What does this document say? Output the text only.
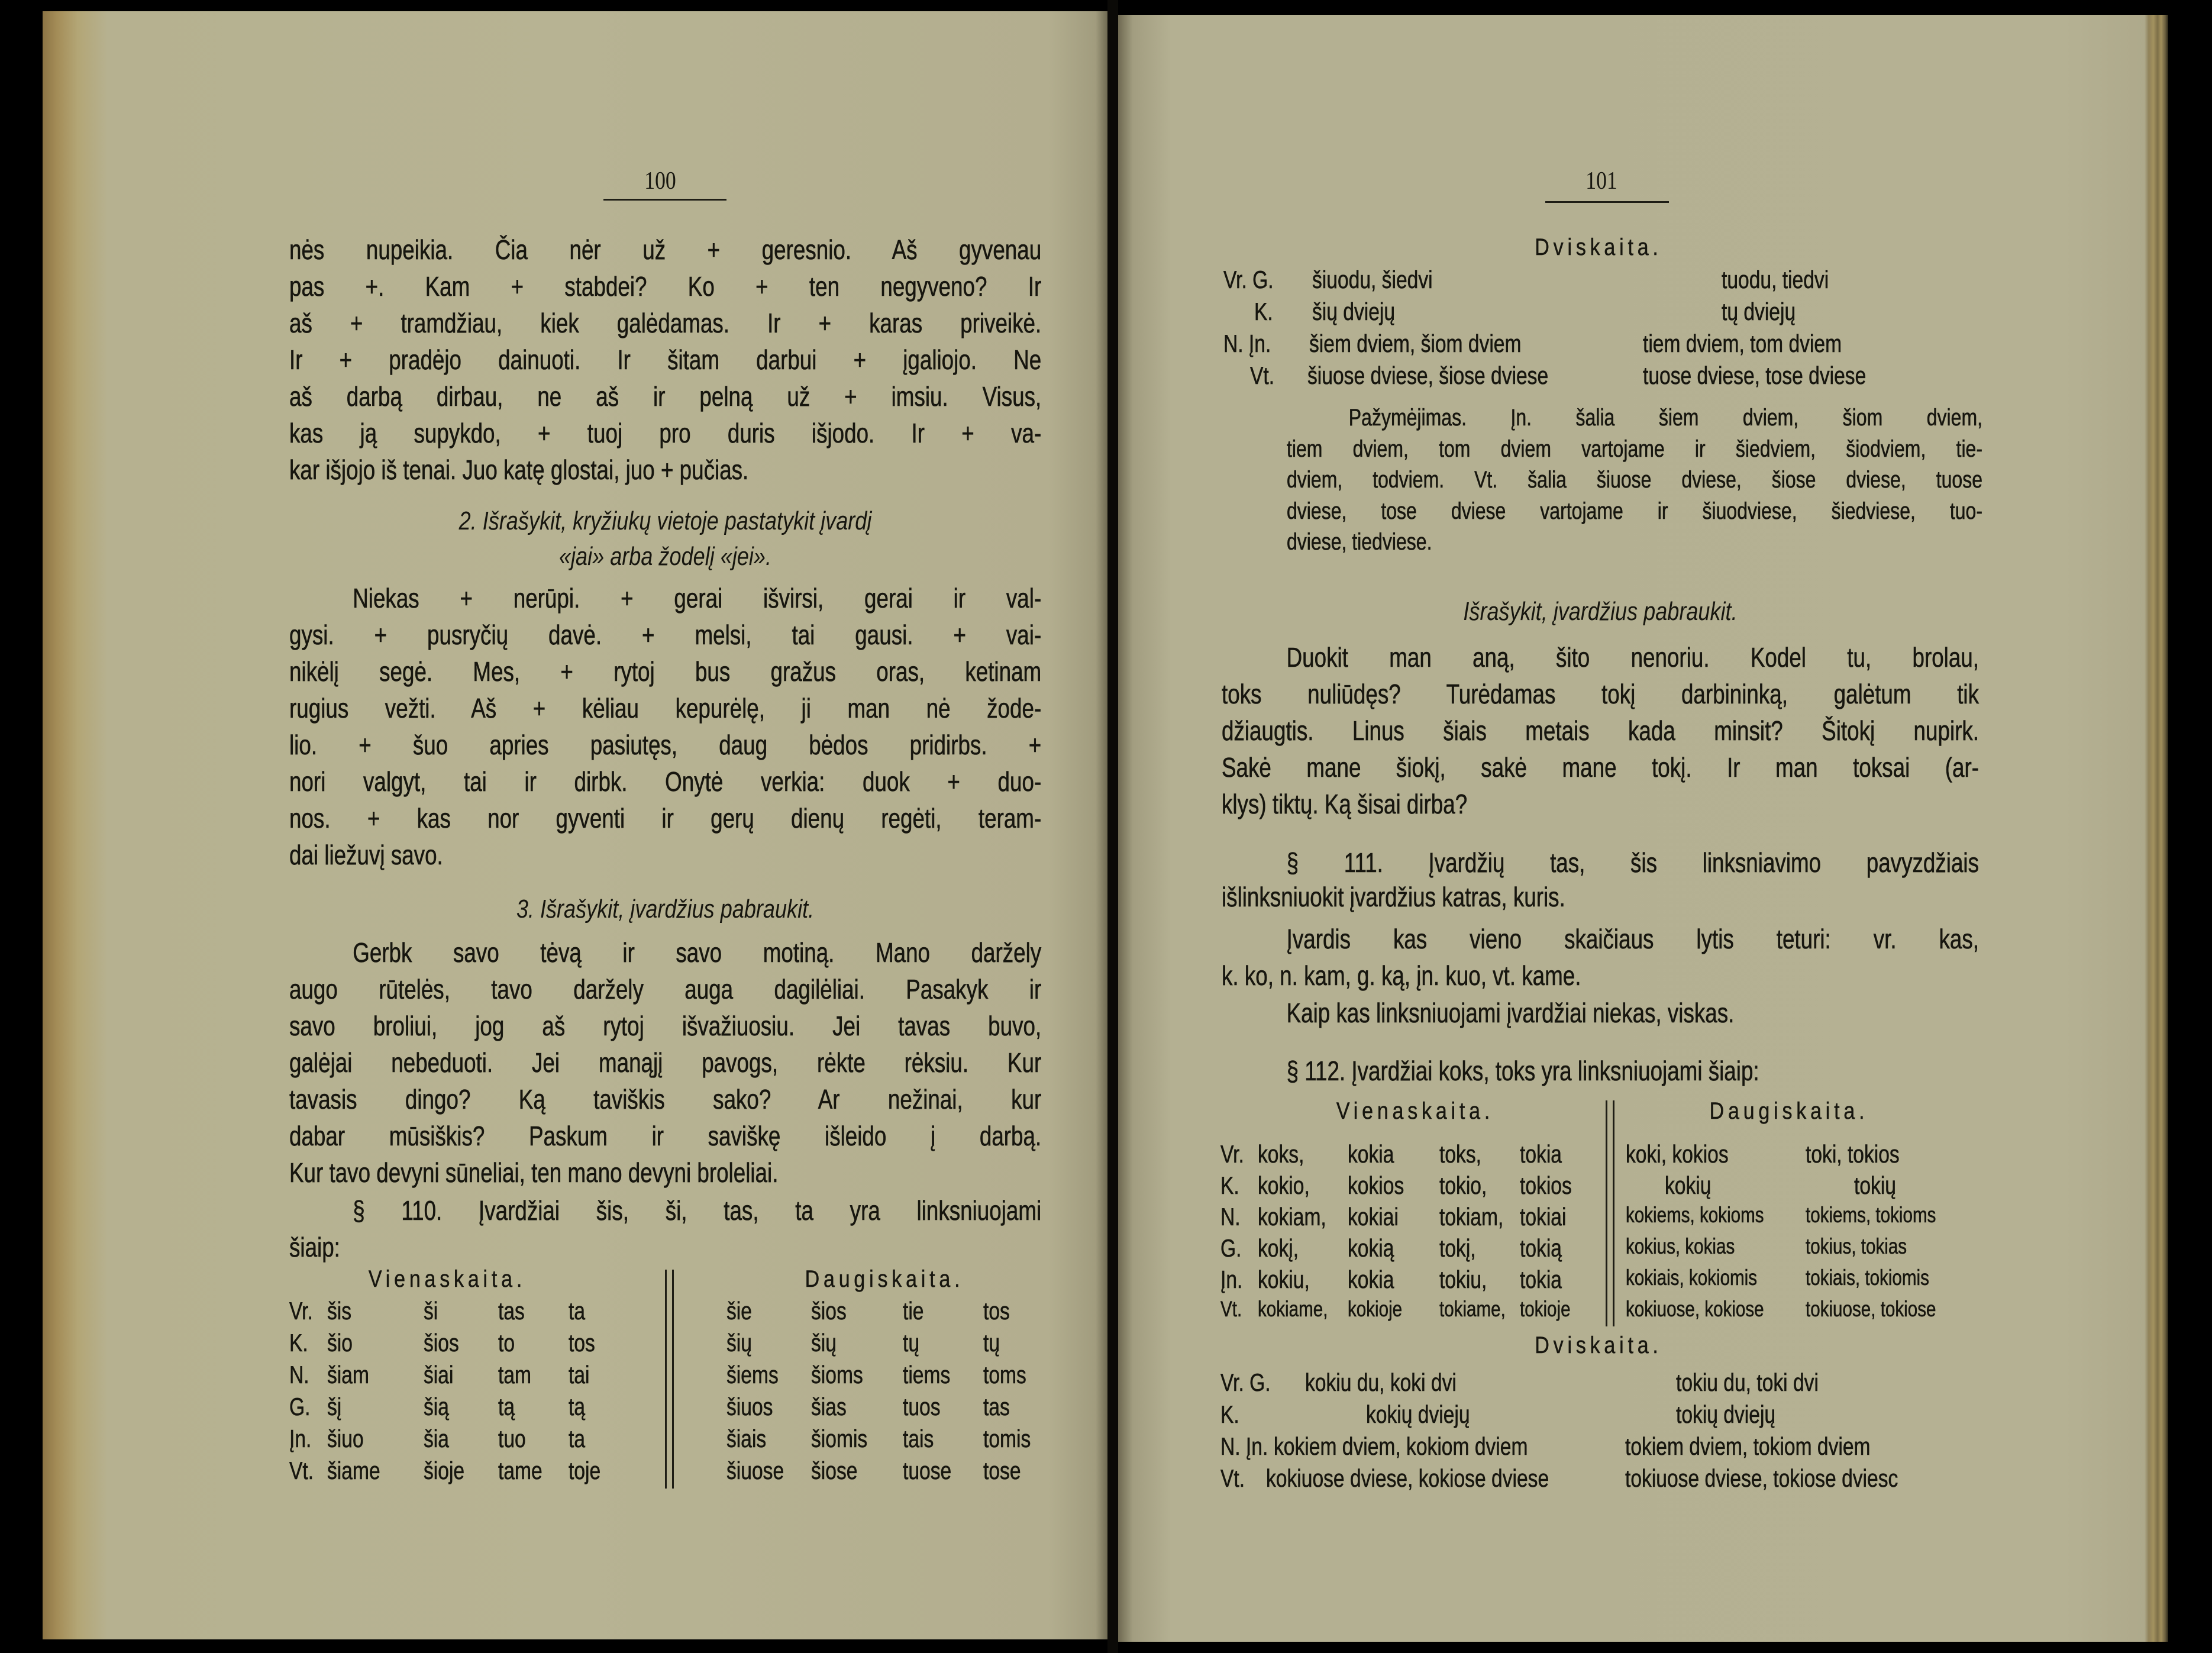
100
nės nupeikia. Čia nėr už + geresnio. Aš gyvenau
pas +. Kam + stabdei? Ko + ten negyveno? Ir
aš + tramdžiau, kiek galėdamas. Ir + karas priveikė.
Ir + pradėjo dainuoti. Ir šitam darbui + įgaliojo. Ne
aš darbą dirbau, ne aš ir pelną už + imsiu. Visus,
kas ją supykdo, + tuoj pro duris išjodo. Ir + va-
kar išjojo iš tenai. Juo katę glostai, juo + pučias.
2. Išrašykit, kryžiukų vietoje pastatykit įvardį
«jai» arba žodelį «jei».
Niekas + nerūpi. + gerai išvirsi, gerai ir val-
gysi. + pusryčių davė. + melsi, tai gausi. + vai-
nikėlį segė. Mes, + rytoj bus gražus oras, ketinam
rugius vežti. Aš + kėliau kepurėlę, ji man nė žode-
lio. + šuo apries pasiutęs, daug bėdos pridirbs. +
nori valgyt, tai ir dirbk. Onytė verkia: duok + duo-
nos. + kas nor gyventi ir gerų dienų regėti, teram-
dai liežuvį savo.
3. Išrašykit, įvardžius pabraukit.
Gerbk savo tėvą ir savo motiną. Mano daržely
augo rūtelės, tavo daržely auga dagilėliai. Pasakyk ir
savo broliui, jog aš rytoj išvažiuosiu. Jei tavas buvo,
galėjai nebeduoti. Jei manąjį pavogs, rėkte rėksiu. Kur
tavasis dingo? Ką taviškis sako? Ar nežinai, kur
dabar mūsiškis? Paskum ir saviškę išleido į darbą.
Kur tavo devyni sūneliai, ten mano devyni broleliai.
§ 110. Įvardžiai šis, ši, tas, ta yra linksniuojami
šiaip:
Vienaskaita.	Daugiskaita.
Vr. šis	ši tas ta	šie šios tie tos
K. šio	šios to tos	šių šių	tų	tų
N. šiam šiai tam tai	šiems šioms tiems toms
G. šį	šią tą tą	šiuos šias tuos tas
Įn. šiuo šia tuo ta	šiais šiomis tais tomis
Vt. šiame šioje tame toje	šiuose šiose tuose tose
101
Dviskaita.
Vr. G. šiuodu, šiedvi	tuodu, tiedvi
K. šių dviejų	tų dviejų
N. Įn. šiem dviem, šiom dviem	tiem dviem, tom dviem
Vt. šiuose dviese, šiose dviese	tuose dviese, tose dviese
Pažymėjimas. Įn. šalia šiem dviem, šiom dviem,
tiem dviem, tom dviem vartojame ir šiedviem, šiodviem, tie-
dviem, todviem. Vt. šalia šiuose dviese, šiose dviese, tuose
dviese, tose dviese vartojame ir šiuodviese, šiedviese, tuo-
dviese, tiedviese.
Išrašykit, įvardžius pabraukit.
Duokit man aną, šito nenoriu. Kodel tu, brolau,
toks nuliūdęs? Turėdamas tokį darbininką, galėtum tik
džiaugtis. Linus šiais metais kada minsit? Šitokį nupirk.
Sakė mane šiokį, sakė mane tokį. Ir man toksai (ar-
klys) tiktų. Ką šisai dirba?
§ 111. Įvardžių tas, šis linksniavimo pavyzdžiais
išlinksniuokit įvardžius katras, kuris.
Įvardis kas vieno skaičiaus lytis teturi: vr. kas,
k. ko, n. kam, g. ką, įn. kuo, vt. kame.
Kaip kas linksniuojami įvardžiai niekas, viskas.
§ 112. Įvardžiai koks, toks yra linksniuojami šiaip:
Vienaskaita.	Daugiskaita.
Vr. koks, kokia toks, tokia	koki, kokios	toki, tokios
K. kokio, kokios tokio, tokios	kokių	tokių
N. kokiam, kokiai tokiam, tokiai	kokiems, kokioms tokiems, tokioms
G. kokį, kokią tokį, tokią	kokius, kokias	tokius, tokias
Įn. kokiu, kokia tokiu, tokia	kokiais, kokiomis tokiais, tokiomis
Vt. kokiame, kokioje tokiame, tokioje	kokiuose, kokiose tokiuose, tokiose
Dviskaita.
Vr. G. kokiu du, koki dvi	tokiu du, toki dvi
K.	kokių dviejų	tokių dviejų
N. Įn. kokiem dviem, kokiom dviem	tokiem dviem, tokiom dviem
Vt. kokiuose dviese, kokiose dviese	tokiuose dviese, tokiose dviesc
